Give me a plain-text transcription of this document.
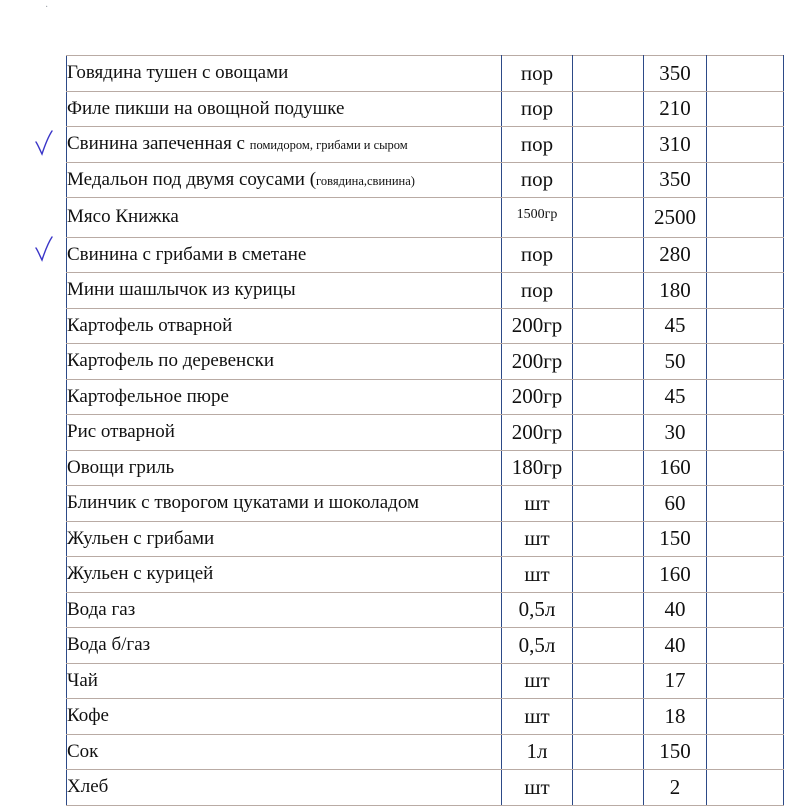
·
Говядина тушен с овощами	пор		350	
Филе пикши на овощной подушке	пор		210	
Свинина запеченная с помидором, грибами и сыром	пор		310	
Медальон под двумя соусами (говядина,свинина)	пор		350	
Мясо Книжка	1500гр		2500	
Свинина с грибами в сметане	пор		280	
Мини шашлычок из курицы	пор		180	
Картофель отварной	200гр		45	
Картофель по деревенски	200гр		50	
Картофельное пюре	200гр		45	
Рис отварной	200гр		30	
Овощи гриль	180гр		160	
Блинчик с творогом цукатами и шоколадом	шт		60	
Жульен с грибами	шт		150	
Жульен с курицей	шт		160	
Вода газ	0,5л		40	
Вода б/газ	0,5л		40	
Чай	шт		17	
Кофе	шт		18	
Сок	1л		150	
Хлеб	шт		2	
